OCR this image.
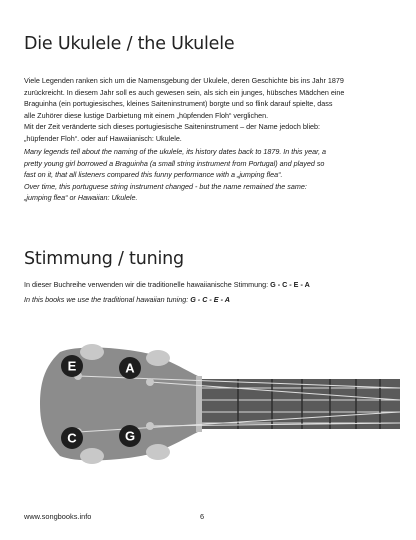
Die Ukulele / the Ukulele

Viele Legenden ranken sich um die Namensgebung der Ukulele, deren Geschichte bis ins Jahr 1879
zurückreicht. In diesem Jahr soll es auch gewesen sein, als sich ein junges, hübsches Mädchen eine
Braguinha (ein portugiesisches, kleines Saiteninstrument) borgte und so flink darauf spielte, dass
alle Zuhörer diese lustige Darbietung mit einem „hüpfenden Floh“ verglichen.
Mit der Zeit veränderte sich dieses portugiesische Saiteninstrument – der Name jedoch blieb:
„hüpfender Floh“. oder auf Hawaiianisch: Ukulele.

Many legends tell about the naming of the ukulele, its history dates back to 1879. In this year, a
pretty young girl borrowed a Braguinha (a small string instrument from Portugal) and played so
fast on it, that all listeners compared this funny performance with a „jumping flea“.
Over time, this portuguese string instrument changed - but the name remained the same:
„jumping flea“ or Hawaiian: Ukulele.

Stimmung / tuning

In dieser Buchreihe verwenden wir die traditionelle hawaiianische Stimmung: G - C - E - A

In this books we use the traditional hawaiian tuning: G - C - E - A

E	A
C	G
www.songbooks.info	6
